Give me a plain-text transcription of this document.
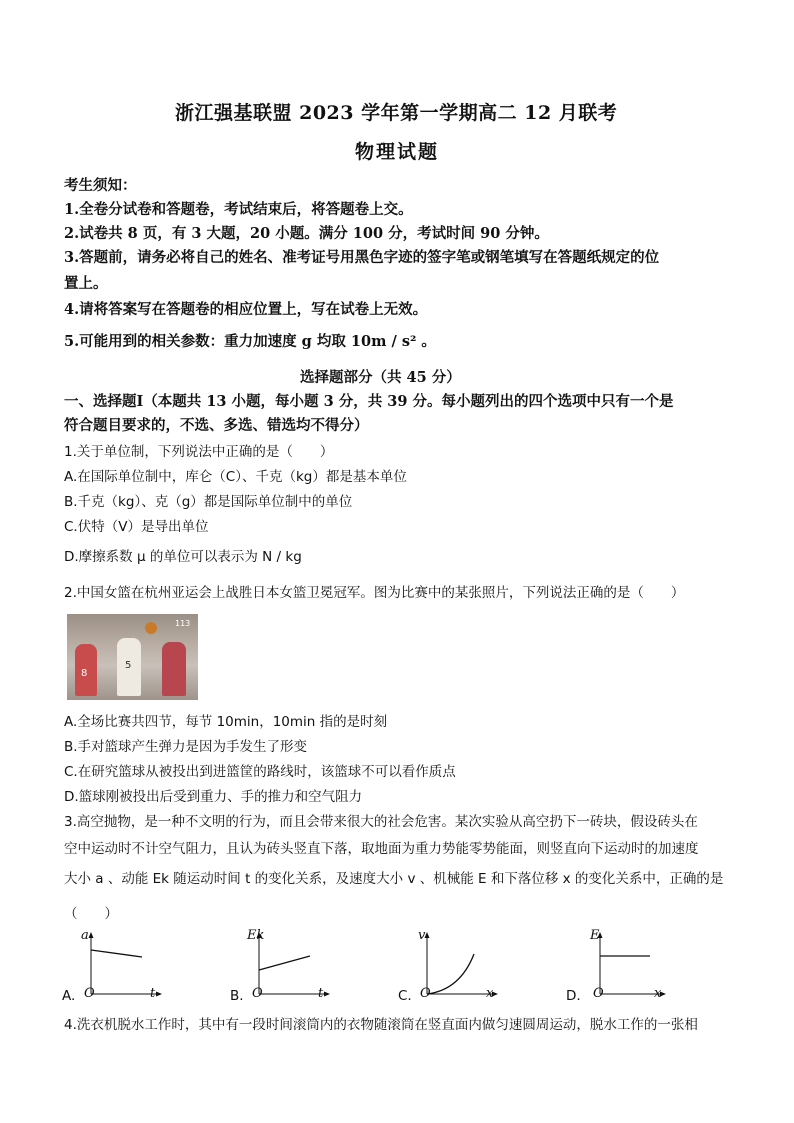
浙江强基联盟 2023 学年第一学期高二 12 月联考
物理试题
考生须知：
1.全卷分试卷和答题卷，考试结束后，将答题卷上交。
2.试卷共 8 页，有 3 大题，20 小题。满分 100 分，考试时间 90 分钟。
3.答题前，请务必将自己的姓名、准考证号用黑色字迹的签字笔或钢笔填写在答题纸规定的位
置上。
4.请将答案写在答题卷的相应位置上，写在试卷上无效。
5.可能用到的相关参数：重力加速度 g 均取 10m / s² 。
选择题部分（共 45 分）
一、选择题Ⅰ（本题共 13 小题，每小题 3 分，共 39 分。每小题列出的四个选项中只有一个是
符合题目要求的，不选、多选、错选均不得分）
1.关于单位制，下列说法中正确的是（　　）
A.在国际单位制中，库仑（C）、千克（kg）都是基本单位
B.千克（kg）、克（g）都是国际单位制中的单位
C.伏特（V）是导出单位
D.摩擦系数 μ 的单位可以表示为 N / kg
2.中国女篮在杭州亚运会上战胜日本女篮卫冕冠军。图为比赛中的某张照片，下列说法正确的是（　　）
8
5
113
A.全场比赛共四节，每节 10min，10min 指的是时刻
B.手对篮球产生弹力是因为手发生了形变
C.在研究篮球从被投出到进篮筐的路线时，该篮球不可以看作质点
D.篮球刚被投出后受到重力、手的推力和空气阻力
3.高空抛物，是一种不文明的行为，而且会带来很大的社会危害。某次实验从高空扔下一砖块，假设砖头在
空中运动时不计空气阻力，且认为砖头竖直下落，取地面为重力势能零势能面，则竖直向下运动时的加速度
大小 a 、动能 Ek 随运动时间 t 的变化关系，及速度大小 v 、机械能 E 和下落位移 x 的变化关系中，正确的是
（　　）
a
t
O
A.
Ek
t
O
B.
v
x
O
C.
E
x
O
D.
4.洗衣机脱水工作时，其中有一段时间滚筒内的衣物随滚筒在竖直面内做匀速圆周运动，脱水工作的一张相
